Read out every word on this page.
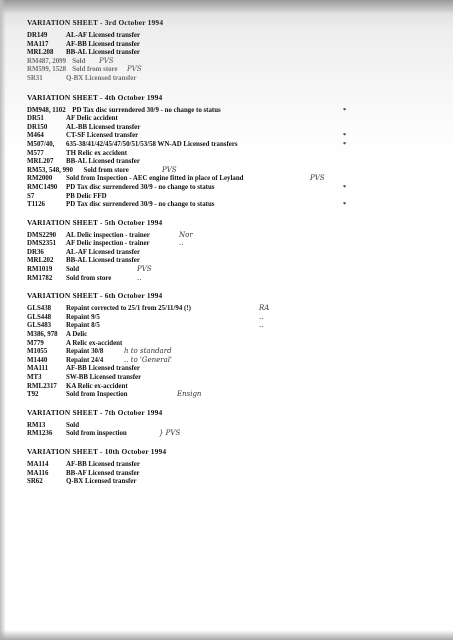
VARIATION SHEET - 3rd October 1994
DR149	AL-AF Licensed transfer
MA117	AF-BB Licensed transfer
MRL208 BB-AL Licensed transfer
RM487, 2099 Sold PVS
RM599, 1528 Sold from store PVS
SR31	Q-BX Licensed transfer
VARIATION SHEET - 4th October 1994
DM948, 1102 PD Tax disc surrendered 30/9 - no change to status	*
DR51	AF Delic accident
DR150	AL-BB Licensed transfer
M464	CT-SF Licensed transfer	*
M507/40, 635-38/41/42/45/47/50/51/53/58 WN-AD Licensed transfers	*
M577	TH Relic ex accident
MRL207 BB-AL Licensed transfer
RM53, 548, 990 Sold from store	PVS
RM2000 Sold from Inspection - AEC engine fitted in place of Leyland	PVS
RMC1490 PD Tax disc surrendered 30/9 - no change to status	*
S7	PB Delic FFD
T1126	PD Tax disc surrendered 30/9 - no change to status	*
VARIATION SHEET - 5th October 1994
DMS2290 AL Delic inspection - trainer	Nor
DMS2351 AF Delic inspection - trainer	..
DR36	AL-AF Licensed transfer
MRL202 BB-AL Licensed transfer
RM1019 Sold	PVS
RM1782 Sold from store	..
VARIATION SHEET - 6th October 1994
GLS438 Repaint corrected to 25/1 from 25/11/94 (!)	RA
GLS448 Repaint 9/5	..
GLS483 Repaint 8/5	..
M386, 978 A Delic
M779	A Relic ex-accident
M1055	Repaint 30/8	h to standard
M1440	Repaint 24/4	.. to 'General'
MA111	AF-BB Licensed transfer
MT3	SW-BB Licensed transfer
RML2317 KA Relic ex-accident
T92	Sold from Inspection	Ensign
VARIATION SHEET - 7th October 1994
RM13	Sold
RM1236 Sold from inspection	} PVS
VARIATION SHEET - 10th October 1994
MA114	AF-BB Licensed transfer
MA116	BB-AF Licensed transfer
SR62	Q-BX Licensed transfer
